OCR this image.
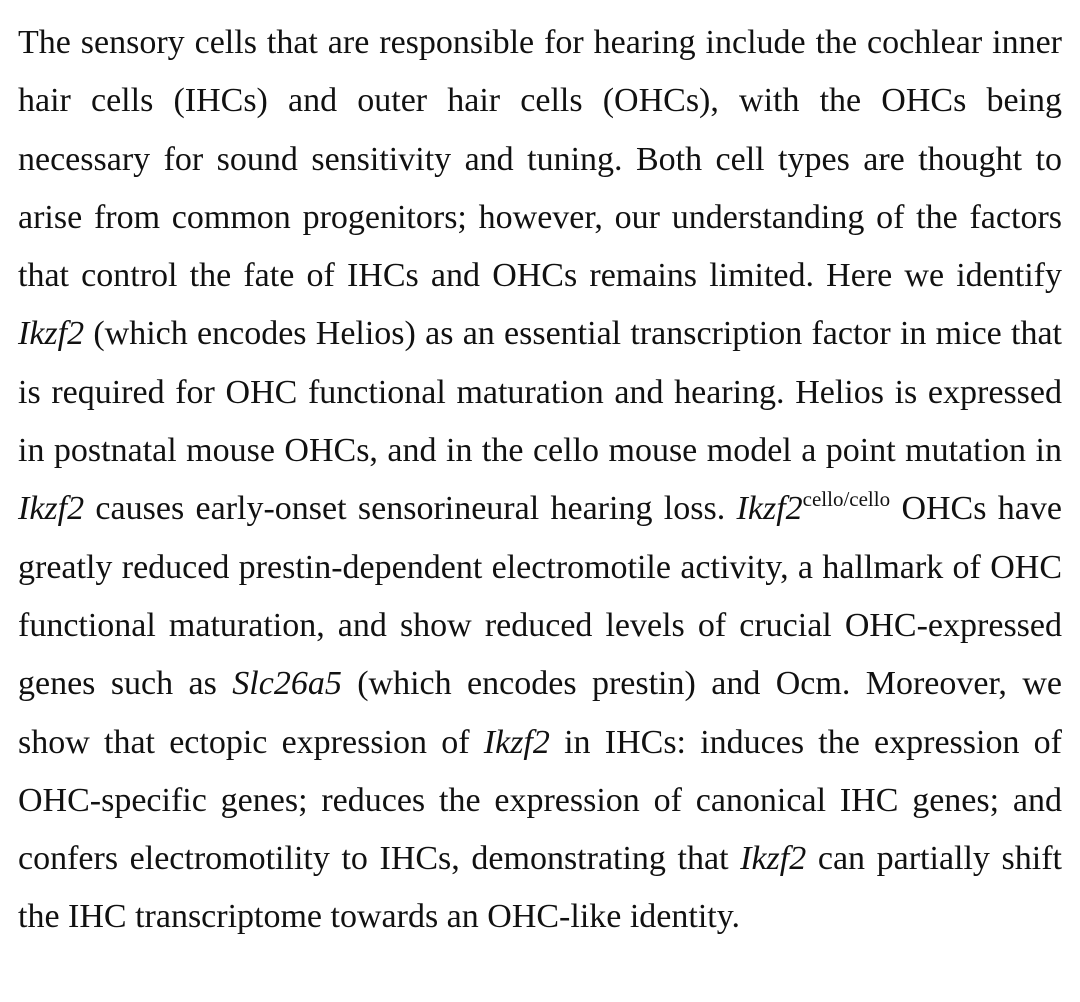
The sensory cells that are responsible for hearing include the cochlear inner hair cells (IHCs) and outer hair cells (OHCs), with the OHCs being necessary for sound sensitivity and tuning. Both cell types are thought to arise from common progenitors; however, our understanding of the factors that control the fate of IHCs and OHCs remains limited. Here we identify Ikzf2 (which encodes Helios) as an essential transcription factor in mice that is required for OHC functional maturation and hearing. Helios is expressed in postnatal mouse OHCs, and in the cello mouse model a point mutation in Ikzf2 causes early-onset sensorineural hearing loss. $Ikzf2^{cello/cello}$ OHCs have greatly reduced prestin-dependent electromotile activity, a hallmark of OHC functional maturation, and show reduced levels of crucial OHC-expressed genes such as Slc26a5 (which encodes prestin) and Ocm. Moreover, we show that ectopic expression of Ikzf2 in IHCs: induces the expression of OHC-specific genes; reduces the expression of canonical IHC genes; and confers electromotility to IHCs, demonstrating that Ikzf2 can partially shift the IHC transcriptome towards an OHC-like identity.
